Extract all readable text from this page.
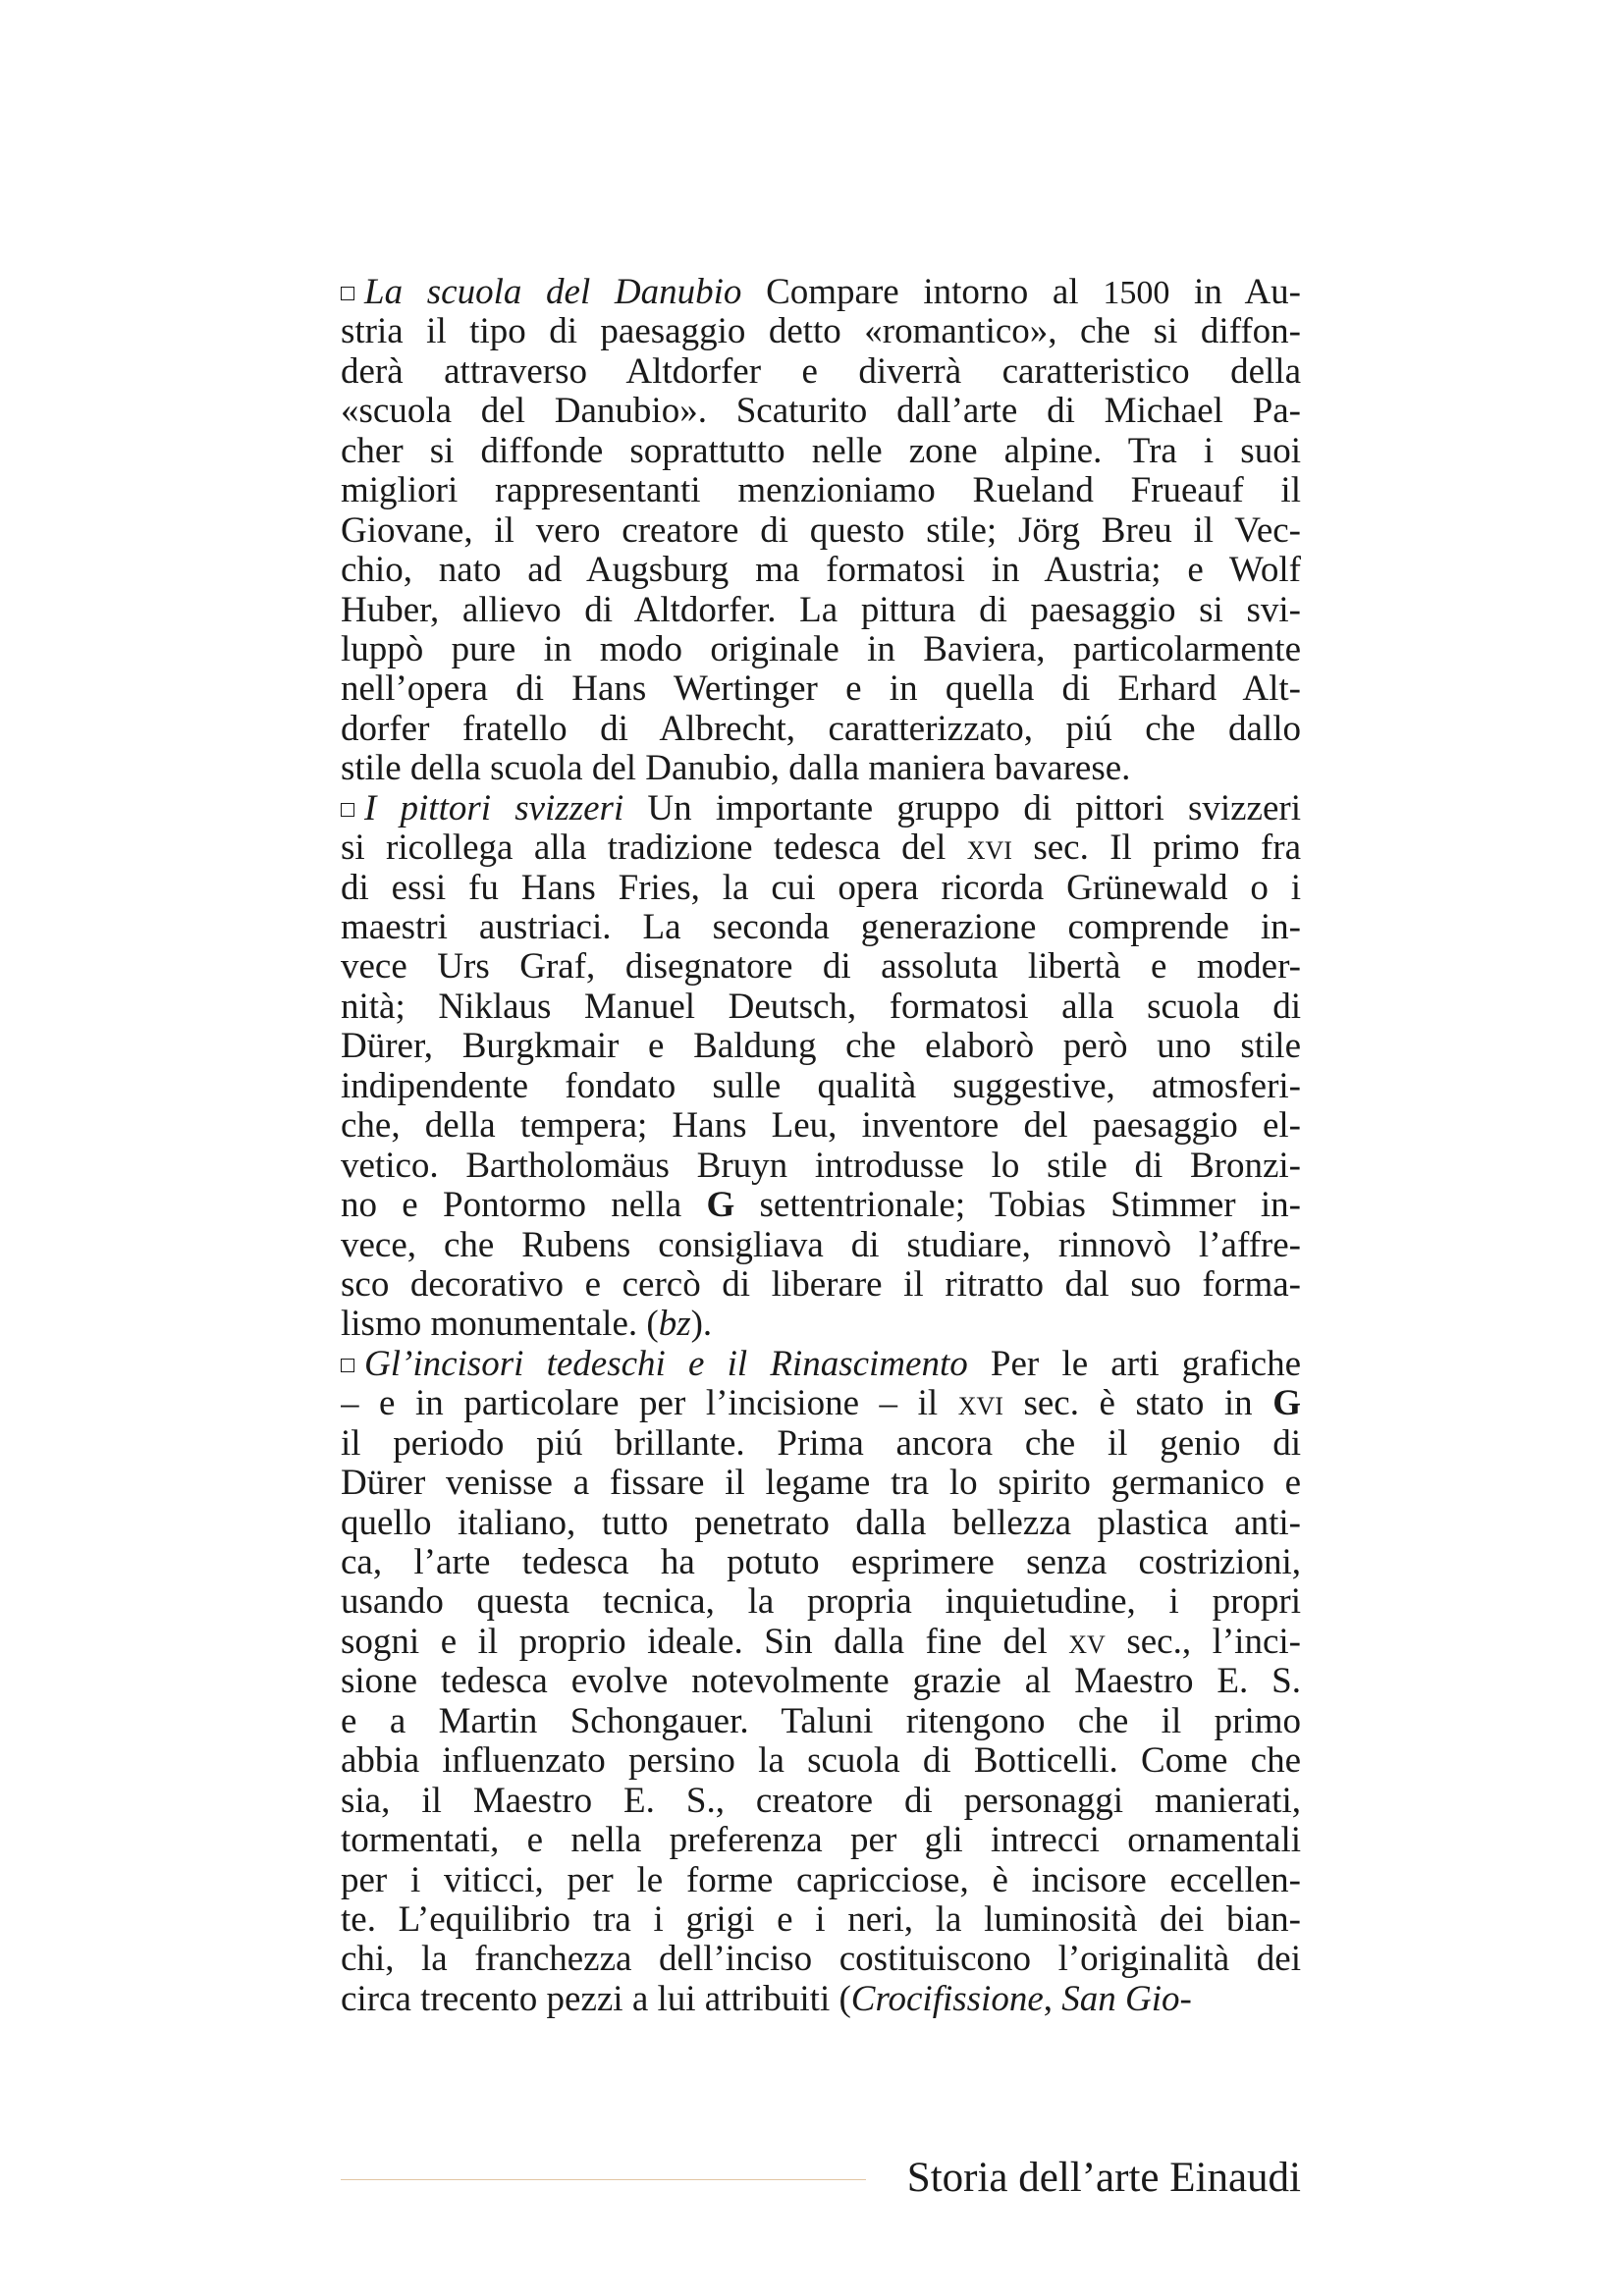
La scuola del Danubio Compare intorno al 1500 in Au-
stria il tipo di paesaggio detto «romantico», che si diffon-
derà attraverso Altdorfer e diverrà caratteristico della
«scuola del Danubio». Scaturito dall’arte di Michael Pa-
cher si diffonde soprattutto nelle zone alpine. Tra i suoi
migliori rappresentanti menzioniamo Rueland Frueauf il
Giovane, il vero creatore di questo stile; Jörg Breu il Vec-
chio, nato ad Augsburg ma formatosi in Austria; e Wolf
Huber, allievo di Altdorfer. La pittura di paesaggio si svi-
luppò pure in modo originale in Baviera, particolarmente
nell’opera di Hans Wertinger e in quella di Erhard Alt-
dorfer fratello di Albrecht, caratterizzato, piú che dallo
stile della scuola del Danubio, dalla maniera bavarese.
I pittori svizzeri Un importante gruppo di pittori svizzeri
si ricollega alla tradizione tedesca del xvi sec. Il primo fra
di essi fu Hans Fries, la cui opera ricorda Grünewald o i
maestri austriaci. La seconda generazione comprende in-
vece Urs Graf, disegnatore di assoluta libertà e moder-
nità; Niklaus Manuel Deutsch, formatosi alla scuola di
Dürer, Burgkmair e Baldung che elaborò però uno stile
indipendente fondato sulle qualità suggestive, atmosferi-
che, della tempera; Hans Leu, inventore del paesaggio el-
vetico. Bartholomäus Bruyn introdusse lo stile di Bronzi-
no e Pontormo nella G settentrionale; Tobias Stimmer in-
vece, che Rubens consigliava di studiare, rinnovò l’affre-
sco decorativo e cercò di liberare il ritratto dal suo forma-
lismo monumentale. (bz).
Gl’incisori tedeschi e il Rinascimento Per le arti grafiche
– e in particolare per l’incisione – il xvi sec. è stato in G
il periodo piú brillante. Prima ancora che il genio di
Dürer venisse a fissare il legame tra lo spirito germanico e
quello italiano, tutto penetrato dalla bellezza plastica anti-
ca, l’arte tedesca ha potuto esprimere senza costrizioni,
usando questa tecnica, la propria inquietudine, i propri
sogni e il proprio ideale. Sin dalla fine del xv sec., l’inci-
sione tedesca evolve notevolmente grazie al Maestro E. S.
e a Martin Schongauer. Taluni ritengono che il primo
abbia influenzato persino la scuola di Botticelli. Come che
sia, il Maestro E. S., creatore di personaggi manierati,
tormentati, e nella preferenza per gli intrecci ornamentali
per i viticci, per le forme capricciose, è incisore eccellen-
te. L’equilibrio tra i grigi e i neri, la luminosità dei bian-
chi, la franchezza dell’inciso costituiscono l’originalità dei
circa trecento pezzi a lui attribuiti (Crocifissione, San Gio-
Storia dell’arte Einaudi
